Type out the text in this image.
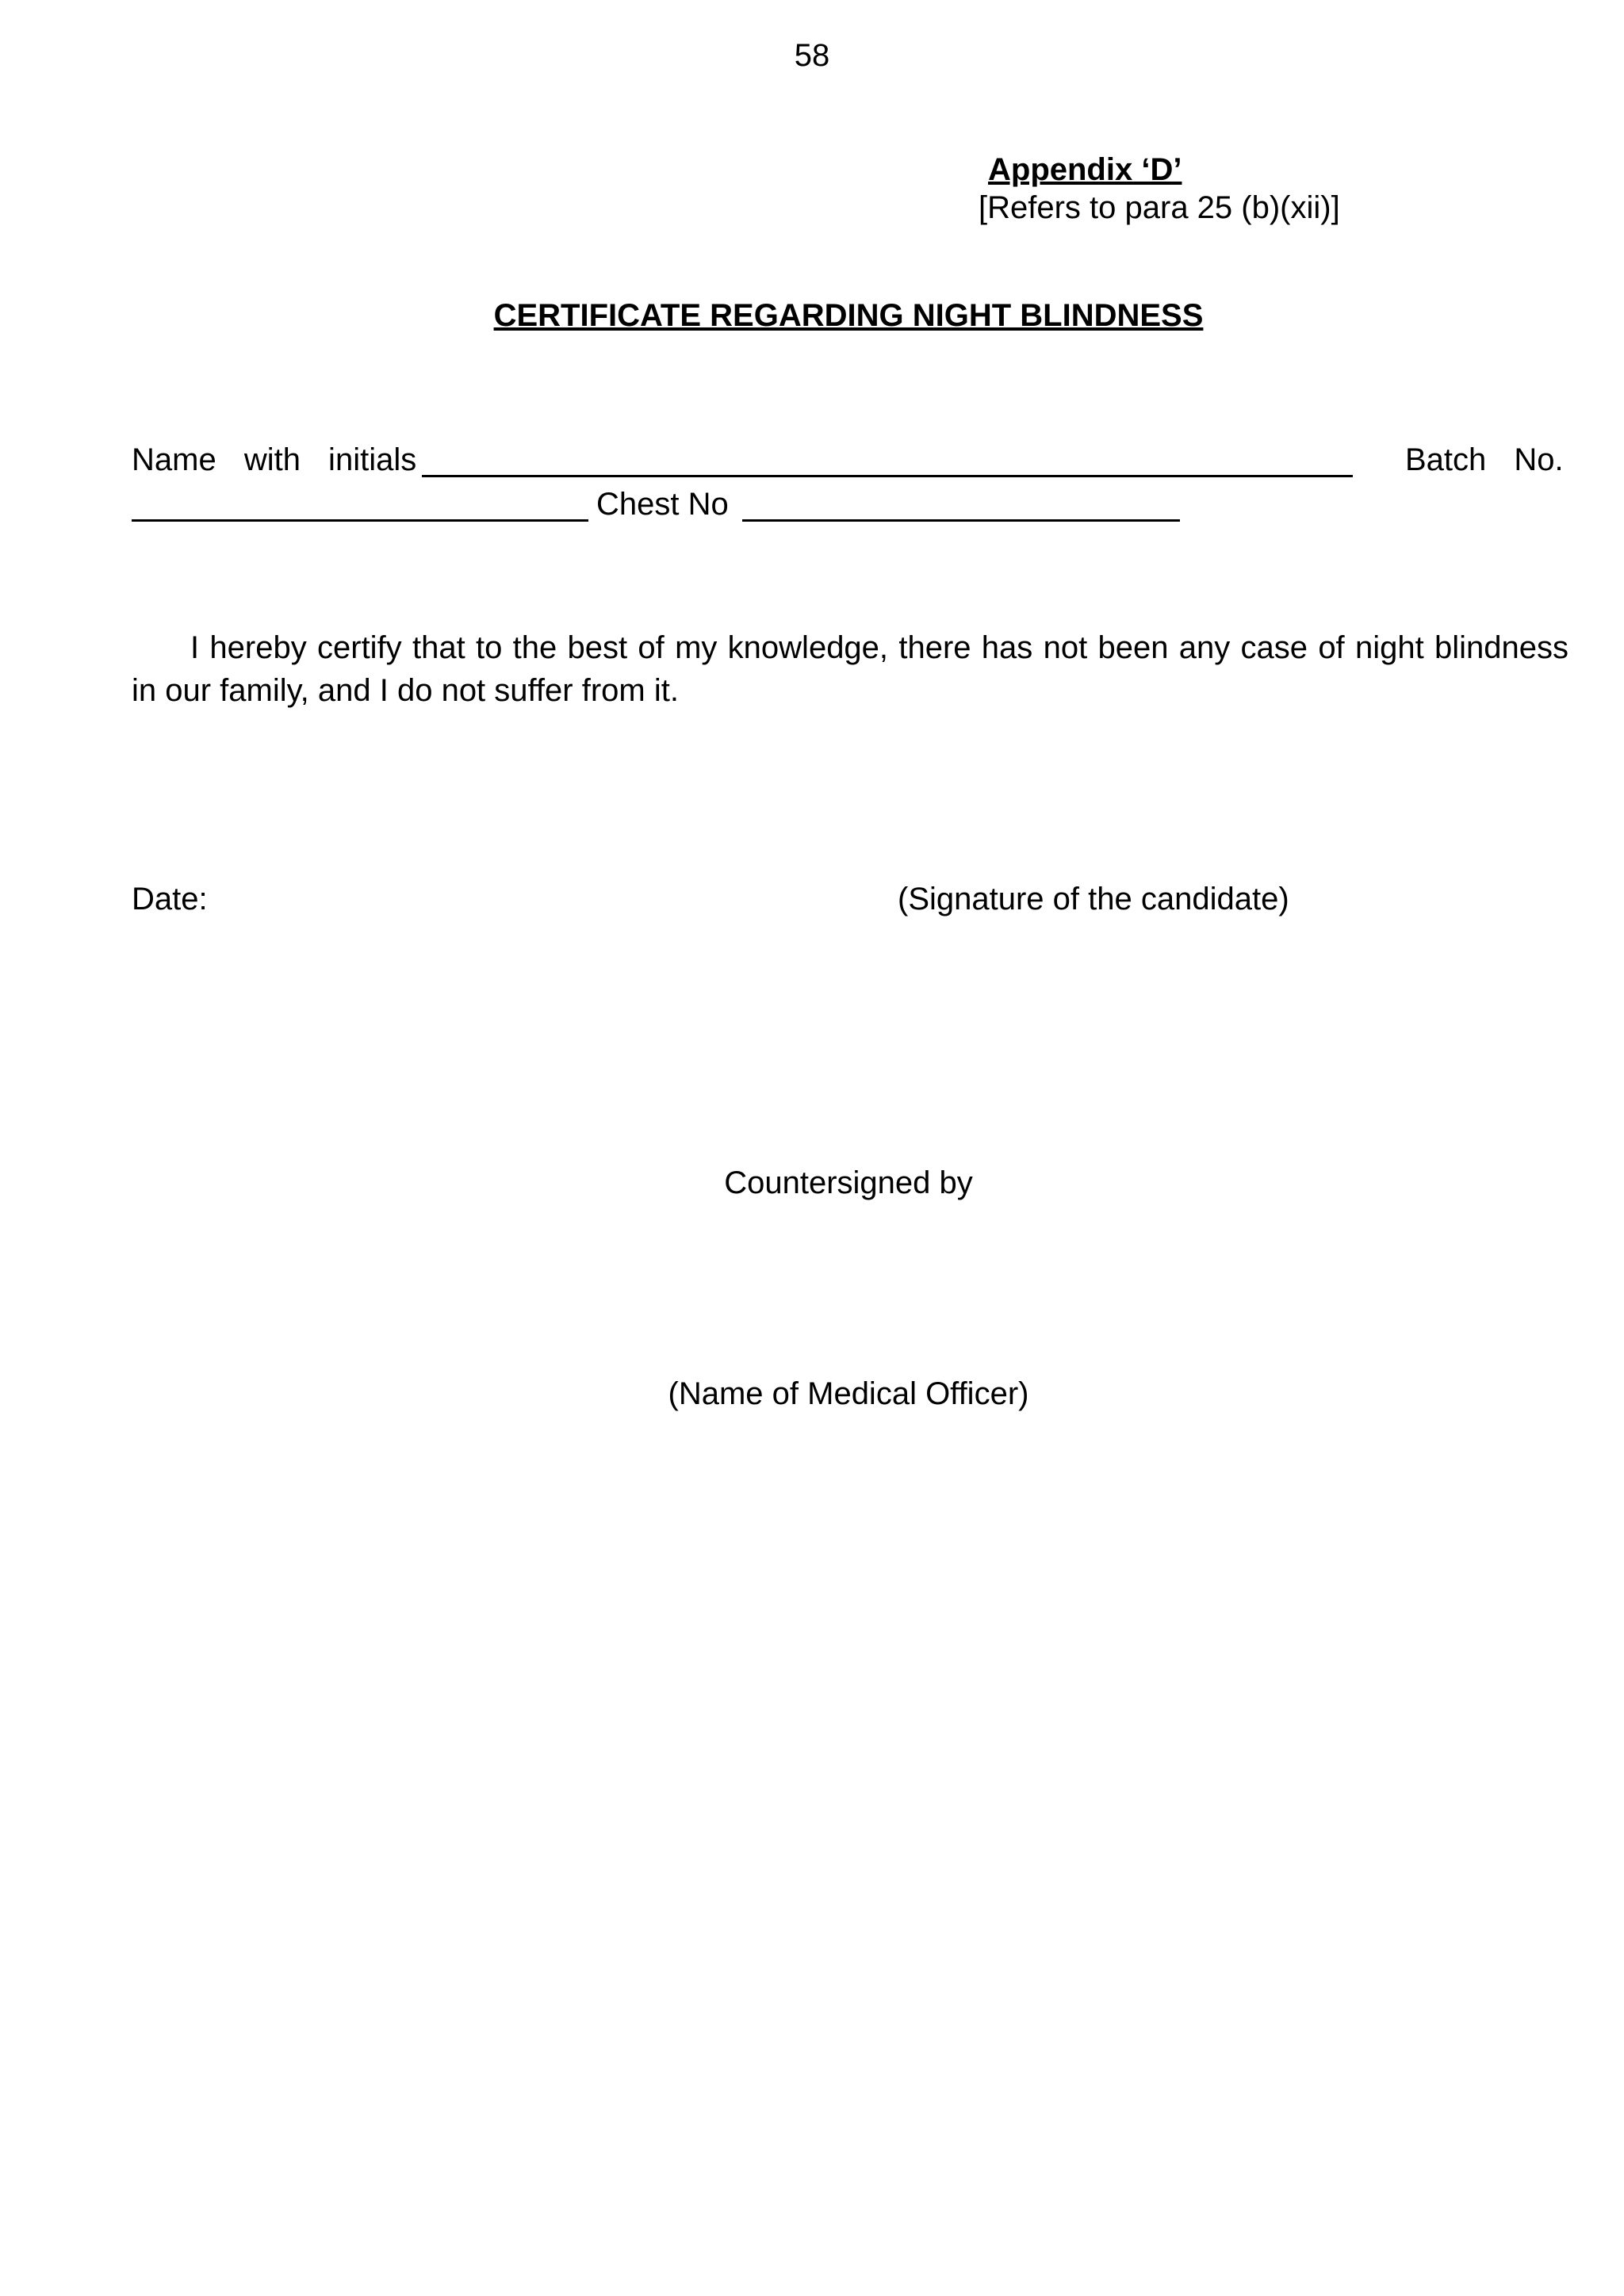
58
Appendix ‘D’
[Refers to para 25 (b)(xii)]
CERTIFICATE REGARDING NIGHT BLINDNESS
Name with initials	Batch No.
Chest No
I hereby certify that to the best of my knowledge, there has not been any case of night blindness in our family, and I do not suffer from it.
Date:	(Signature of the candidate)
Countersigned by
(Name of Medical Officer)
